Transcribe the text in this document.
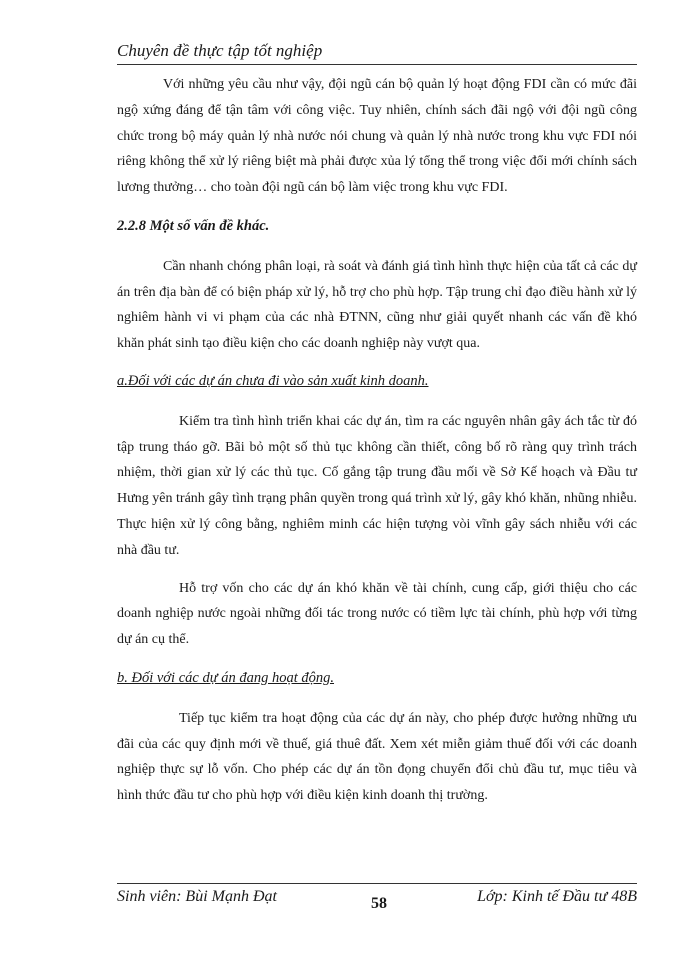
Chuyên đề thực tập tốt nghiệp

Với những yêu cầu như vậy, đội ngũ cán bộ quản lý hoạt động FDI cần có mức đãi ngộ xứng đáng để tận tâm với công việc. Tuy nhiên, chính sách đãi ngộ với đội ngũ công chức trong bộ máy quản lý nhà nước nói chung và quản lý nhà nước trong khu vực FDI nói riêng không thể xử lý riêng biệt mà phải được xủa lý tổng thể trong việc đổi mới chính sách lương thưởng… cho toàn đội ngũ cán bộ làm việc trong khu vực FDI.

2.2.8 Một số vấn đề khác.

Cần nhanh chóng phân loại, rà soát và đánh giá tình hình thực hiện của tất cả các dự án trên địa bàn để có biện pháp xử lý, hỗ trợ cho phù hợp. Tập trung chỉ đạo điều hành xử lý nghiêm hành vi vi phạm của các nhà ĐTNN, cũng như giải quyết nhanh các vấn đề khó khăn phát sinh tạo điều kiện cho các doanh nghiệp này vượt qua.

a.Đối với các dự án chưa đi vào sản xuất kinh doanh.

Kiểm tra tình hình triển khai các dự án, tìm ra các nguyên nhân gây ách tắc từ đó tập trung tháo gỡ. Bãi bỏ một số thủ tục không cần thiết, công bố rõ ràng quy trình trách nhiệm, thời gian xử lý các thủ tục. Cố gắng tập trung đầu mối về Sở Kế hoạch và Đầu tư Hưng yên tránh gây tình trạng phân quyền trong quá trình xử lý, gây khó khăn, nhũng nhiễu. Thực hiện xử lý công bằng, nghiêm minh các hiện tượng vòi vĩnh gây sách nhiễu với các nhà đầu tư.

Hỗ trợ vốn cho các dự án khó khăn về tài chính, cung cấp, giới thiệu cho các doanh nghiệp nước ngoài những đối tác trong nước có tiềm lực tài chính, phù hợp với từng dự án cụ thể.

b. Đối với các dự án đang hoạt động.

Tiếp tục kiểm tra hoạt động của các dự án này, cho phép được hưởng những ưu đãi của các quy định mới về thuế, giá thuê đất. Xem xét miễn giảm thuế đối với các doanh nghiệp thực sự lỗ vốn. Cho phép các dự án tồn đọng chuyển đổi chủ đầu tư, mục tiêu và hình thức đầu tư cho phù hợp với điều kiện kinh doanh thị trường.

Sinh viên: Bùi Mạnh Đạt	58	Lớp: Kinh tế Đầu tư 48B
